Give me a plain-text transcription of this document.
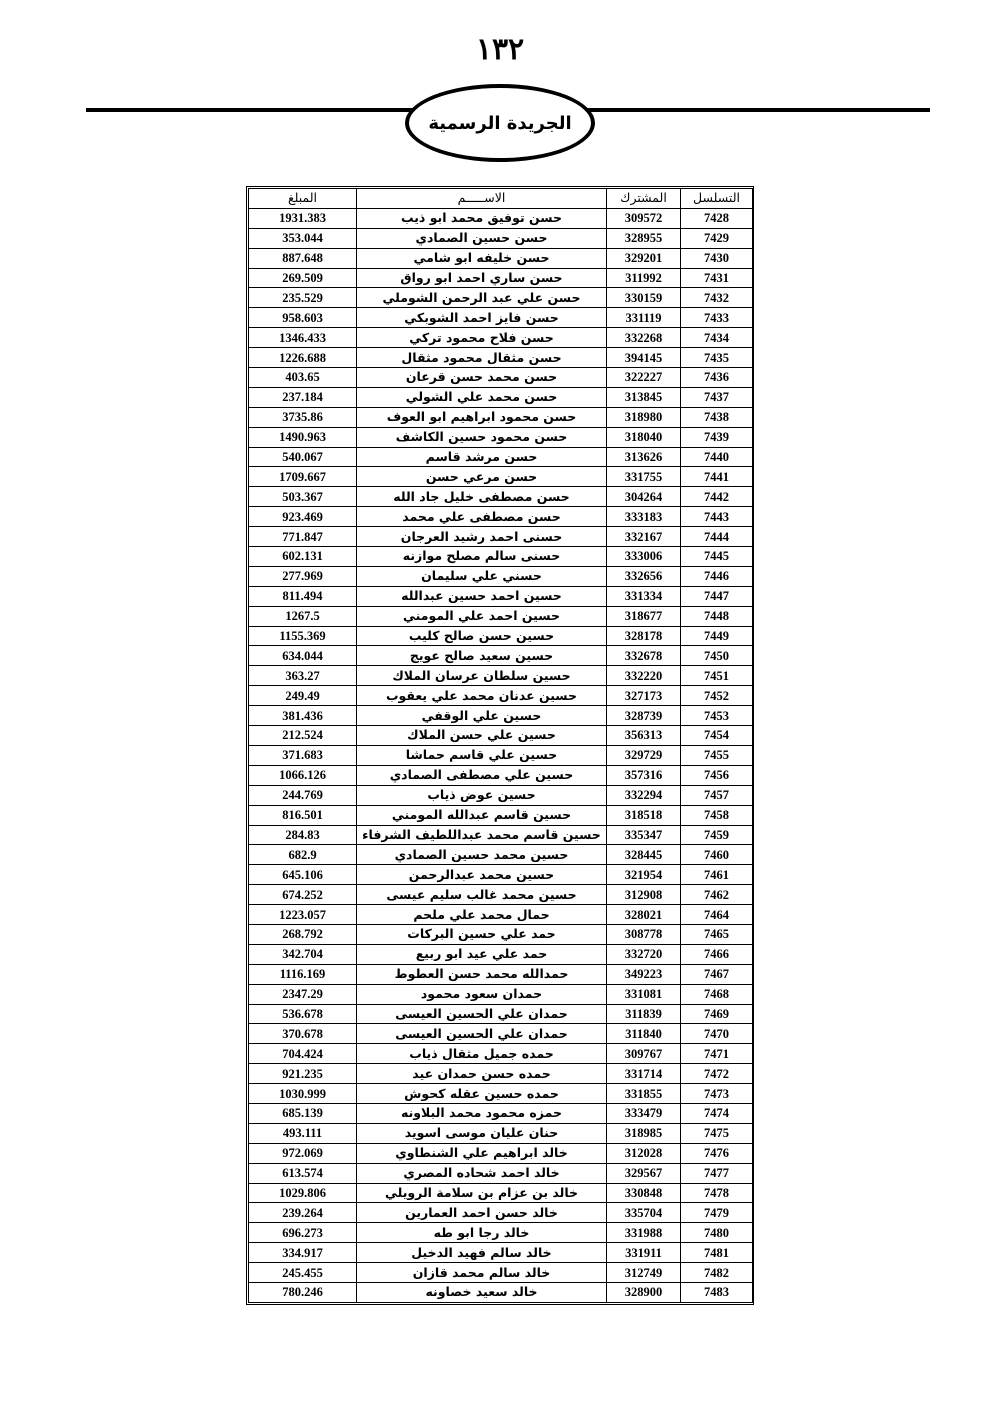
١٣٢
الجريدة الرسمية
التسلسل	المشترك	الاســـــم	المبلغ
7428	309572	حسن توفيق محمد ابو ذيب	1931.383
7429	328955	حسن حسين الصمادي	353.044
7430	329201	حسن خليفه ابو شامي	887.648
7431	311992	حسن ساري احمد ابو رواق	269.509
7432	330159	حسن علي عبد الرحمن الشوملي	235.529
7433	331119	حسن فايز احمد الشوبكي	958.603
7434	332268	حسن فلاح محمود تركي	1346.433
7435	394145	حسن مثقال محمود مثقال	1226.688
7436	322227	حسن محمد حسن قرعان	403.65
7437	313845	حسن محمد علي الشولي	237.184
7438	318980	حسن محمود ابراهيم ابو العوف	3735.86
7439	318040	حسن محمود حسين الكاشف	1490.963
7440	313626	حسن مرشد قاسم	540.067
7441	331755	حسن مرعي حسن	1709.667
7442	304264	حسن مصطفى خليل جاد الله	503.367
7443	333183	حسن مصطفى علي محمد	923.469
7444	332167	حسنى احمد رشيد العرجان	771.847
7445	333006	حسنى سالم مصلح موازنه	602.131
7446	332656	حسني علي سليمان	277.969
7447	331334	حسين احمد حسين عبدالله	811.494
7448	318677	حسين احمد علي المومني	1267.5
7449	328178	حسين حسن صالح كليب	1155.369
7450	332678	حسين سعيد صالح عويج	634.044
7451	332220	حسين سلطان عرسان الملاك	363.27
7452	327173	حسين عدنان محمد علي يعقوب	249.49
7453	328739	حسين علي الوقفي	381.436
7454	356313	حسين علي حسن الملاك	212.524
7455	329729	حسين علي قاسم حماشا	371.683
7456	357316	حسين علي مصطفى الصمادي	1066.126
7457	332294	حسين عوض ذياب	244.769
7458	318518	حسين قاسم عبدالله المومني	816.501
7459	335347	حسين قاسم محمد عبداللطيف الشرفاء	284.83
7460	328445	حسين محمد حسين الصمادي	682.9
7461	321954	حسين محمد عبدالرحمن	645.106
7462	312908	حسين محمد غالب سليم عيسى	674.252
7464	328021	حمال محمد علي ملحم	1223.057
7465	308778	حمد علي حسين البركات	268.792
7466	332720	حمد علي عيد ابو ربيع	342.704
7467	349223	حمدالله محمد حسن العطوط	1116.169
7468	331081	حمدان سعود محمود	2347.29
7469	311839	حمدان علي الحسين العيسى	536.678
7470	311840	حمدان علي الحسين العيسى	370.678
7471	309767	حمده جميل مثقال ذياب	704.424
7472	331714	حمده حسن حمدان عيد	921.235
7473	331855	حمده حسين عقله كحوش	1030.999
7474	333479	حمزه محمود محمد البلاونه	685.139
7475	318985	حنان عليان موسى اسويد	493.111
7476	312028	خالد ابراهيم علي الشنطاوي	972.069
7477	329567	خالد احمد شحاده المصري	613.574
7478	330848	خالد بن عزام بن سلامة الرويلي	1029.806
7479	335704	خالد حسن احمد العمارين	239.264
7480	331988	خالد رجا ابو طه	696.273
7481	331911	خالد سالم فهيد الدخيل	334.917
7482	312749	خالد سالم محمد قازان	245.455
7483	328900	خالد سعيد خصاونه	780.246
